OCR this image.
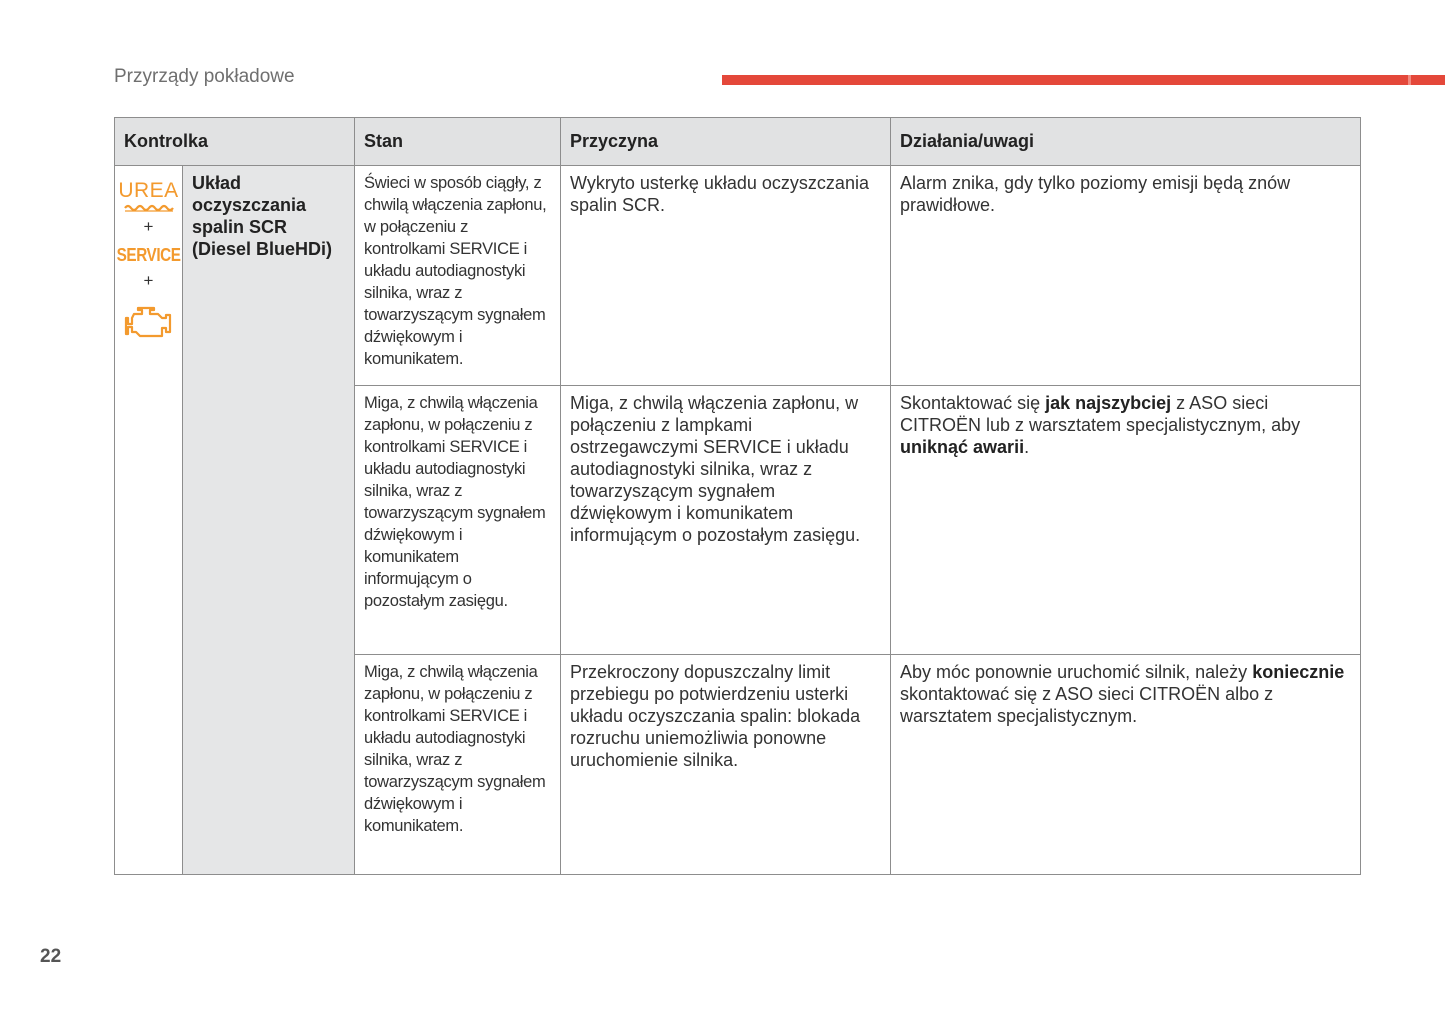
Przyrządy pokładowe
Kontrolka		Stan	Przyczyna	Działania/uwagi

UREA
+
SERVICE
+	Układ oczyszczania spalin SCR (Diesel BlueHDi)	Świeci w sposób ciągły, z chwilą włączenia zapłonu, w połączeniu z kontrolkami SERVICE i układu autodiagnostyki silnika, wraz z towarzyszącym sygnałem dźwiękowym i komunikatem.	Wykryto usterkę układu oczyszczania spalin SCR.	Alarm znika, gdy tylko poziomy emisji będą znów prawidłowe.
		Miga, z chwilą włączenia zapłonu, w połączeniu z kontrolkami SERVICE i układu autodiagnostyki silnika, wraz z towarzyszącym sygnałem dźwiękowym i komunikatem informującym o pozostałym zasięgu.	Miga, z chwilą włączenia zapłonu, w połączeniu z lampkami ostrzegawczymi SERVICE i układu autodiagnostyki silnika, wraz z towarzyszącym sygnałem dźwiękowym i komunikatem informującym o pozostałym zasięgu.	Skontaktować się jak najszybciej z ASO sieci CITROËN lub z warsztatem specjalistycznym, aby uniknąć awarii.
		Miga, z chwilą włączenia zapłonu, w połączeniu z kontrolkami SERVICE i układu autodiagnostyki silnika, wraz z towarzyszącym sygnałem dźwiękowym i komunikatem.	Przekroczony dopuszczalny limit przebiegu po potwierdzeniu usterki układu oczyszczania spalin: blokada rozruchu uniemożliwia ponowne uruchomienie silnika.	Aby móc ponownie uruchomić silnik, należy koniecznie skontaktować się z ASO sieci CITROËN albo z warsztatem specjalistycznym.
22
